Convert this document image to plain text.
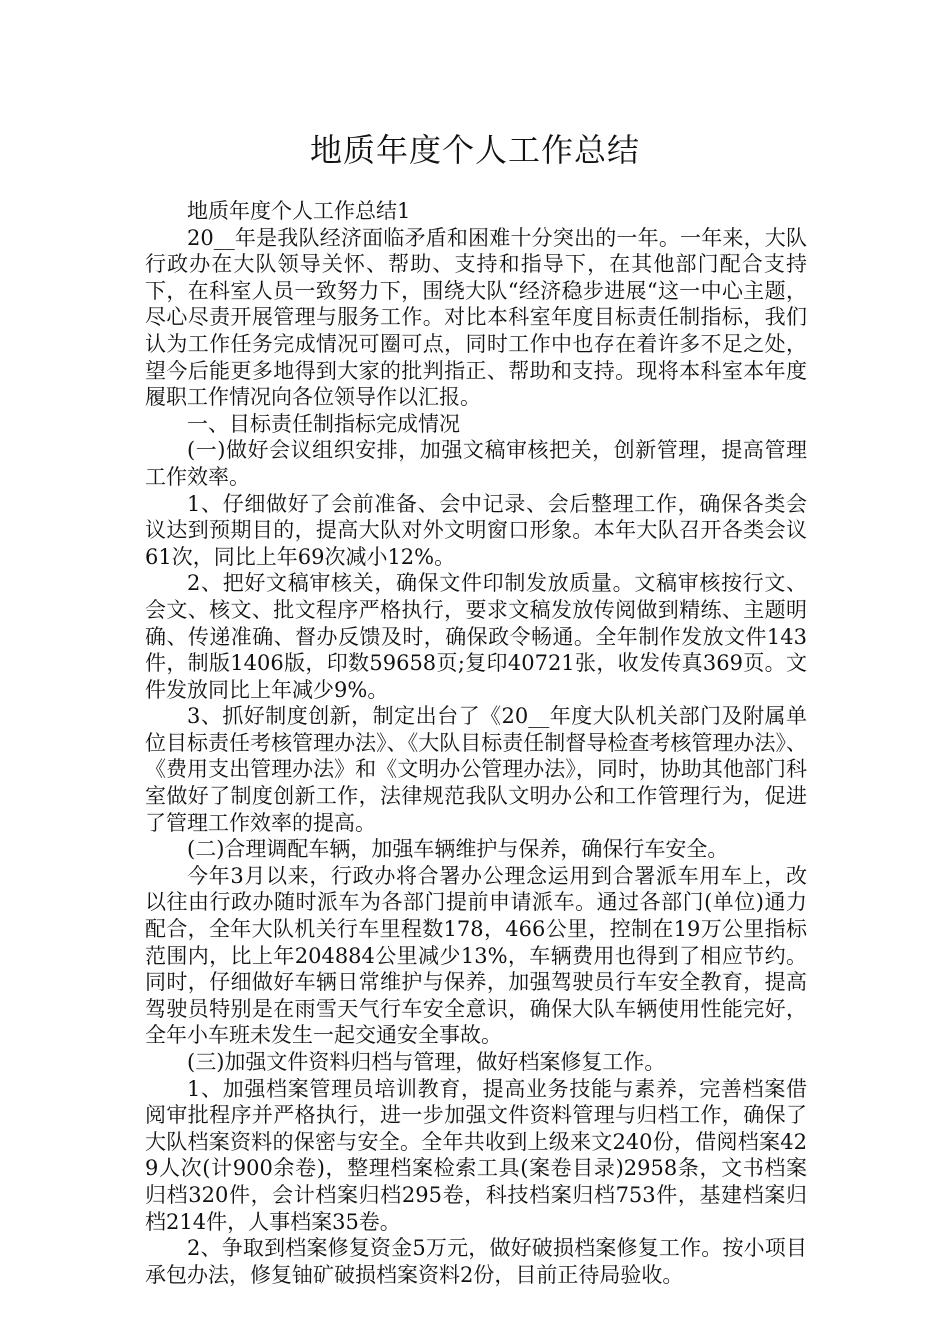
地质年度个人工作总结

地质年度个人工作总结1

20__年是我队经济面临矛盾和困难十分突出的一年。一年来，大队行政办在大队领导关怀、帮助、支持和指导下，在其他部门配合支持下，在科室人员一致努力下，围绕大队“经济稳步进展“这一中心主题，尽心尽责开展管理与服务工作。对比本科室年度目标责任制指标，我们认为工作任务完成情况可圈可点，同时工作中也存在着许多不足之处，望今后能更多地得到大家的批判指正、帮助和支持。现将本科室本年度履职工作情况向各位领导作以汇报。

一、目标责任制指标完成情况

(一)做好会议组织安排，加强文稿审核把关，创新管理，提高管理工作效率。

1、仔细做好了会前准备、会中记录、会后整理工作，确保各类会议达到预期目的，提高大队对外文明窗口形象。本年大队召开各类会议61次，同比上年69次减小12%。

2、把好文稿审核关，确保文件印制发放质量。文稿审核按行文、会文、核文、批文程序严格执行，要求文稿发放传阅做到精练、主题明确、传递准确、督办反馈及时，确保政令畅通。全年制作发放文件143件，制版1406版，印数59658页;复印40721张，收发传真369页。文件发放同比上年减少9%。

3、抓好制度创新，制定出台了《20__年度大队机关部门及附属单位目标责任考核管理办法》、《大队目标责任制督导检查考核管理办法》、《费用支出管理办法》和《文明办公管理办法》，同时，协助其他部门科室做好了制度创新工作，法律规范我队文明办公和工作管理行为，促进了管理工作效率的提高。

(二)合理调配车辆，加强车辆维护与保养，确保行车安全。

今年3月以来，行政办将合署办公理念运用到合署派车用车上，改以往由行政办随时派车为各部门提前申请派车。通过各部门(单位)通力配合，全年大队机关行车里程数178，466公里，控制在19万公里指标范围内，比上年204884公里减少13%，车辆费用也得到了相应节约。同时，仔细做好车辆日常维护与保养，加强驾驶员行车安全教育，提高驾驶员特别是在雨雪天气行车安全意识，确保大队车辆使用性能完好，全年小车班未发生一起交通安全事故。

(三)加强文件资料归档与管理，做好档案修复工作。

1、加强档案管理员培训教育，提高业务技能与素养，完善档案借阅审批程序并严格执行，进一步加强文件资料管理与归档工作，确保了大队档案资料的保密与安全。全年共收到上级来文240份，借阅档案429人次(计900余卷)，整理档案检索工具(案卷目录)2958条，文书档案归档320件，会计档案归档295卷，科技档案归档753件，基建档案归档214件，人事档案35卷。

2、争取到档案修复资金5万元，做好破损档案修复工作。按小项目承包办法，修复铀矿破损档案资料2份，目前正待局验收。
